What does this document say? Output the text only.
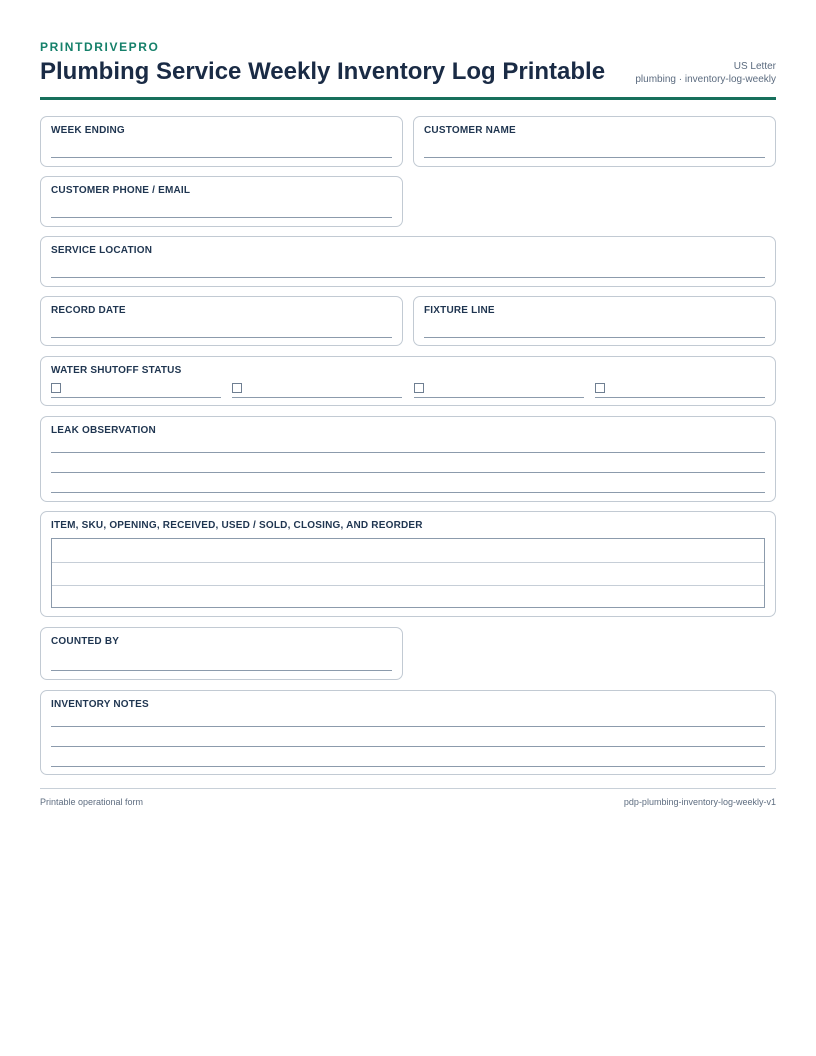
PRINTDRIVEPRO
Plumbing Service Weekly Inventory Log Printable	US Letter
plumbing · inventory-log-weekly
WEEK ENDING	CUSTOMER NAME
CUSTOMER PHONE / EMAIL
SERVICE LOCATION
RECORD DATE	FIXTURE LINE
WATER SHUTOFF STATUS
LEAK OBSERVATION
ITEM, SKU, OPENING, RECEIVED, USED / SOLD, CLOSING, AND REORDER
COUNTED BY
INVENTORY NOTES
Printable operational form	pdp-plumbing-inventory-log-weekly-v1
